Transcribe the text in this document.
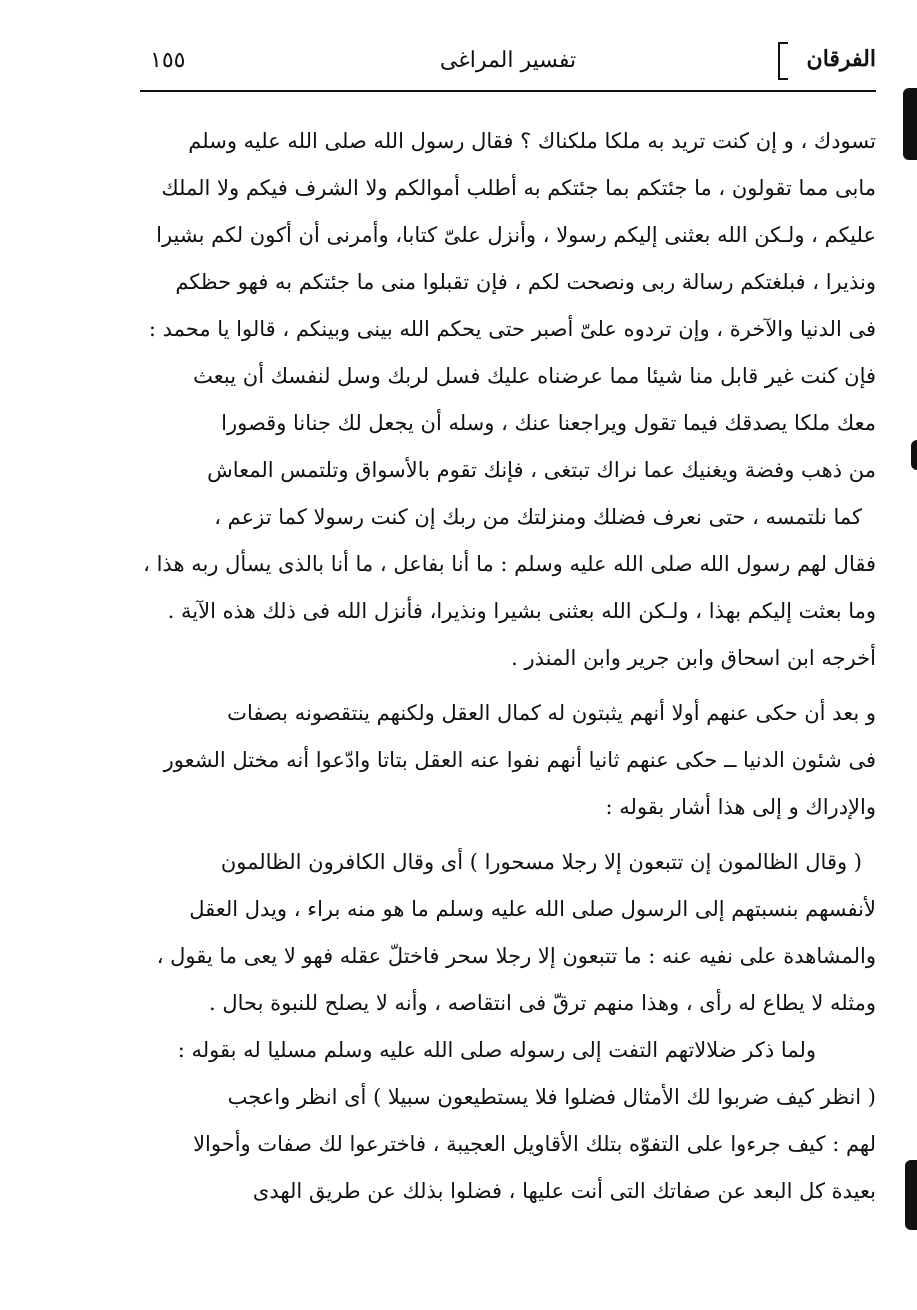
الفرقان
تفسير المراغى
١٥٥
تسودك ، و إن كنت تريد به ملكا ملكناك ؟ فقال رسول الله صلى الله عليه وسلم
مابى مما تقولون ، ما جئتكم بما جئتكم به أطلب أموالكم ولا الشرف فيكم ولا الملك
عليكم ، ولـكن الله بعثنى إليكم رسولا ، وأنزل علىّ كتابا، وأمرنى أن أكون لكم بشيرا
ونذيرا ، فبلغتكم رسالة ربى ونصحت لكم ، فإن تقبلوا منى ما جئتكم به فهو حظكم
فى الدنيا والآخرة ، وإن تردوه علىّ أصبر حتى يحكم الله بينى وبينكم ، قالوا يا محمد :
فإن كنت غير قابل منا شيئا مما عرضناه عليك فسل لربك وسل لنفسك أن يبعث
معك ملكا يصدقك فيما تقول ويراجعنا عنك ، وسله أن يجعل لك جنانا وقصورا
من ذهب وفضة ويغنيك عما نراك تبتغى ، فإنك تقوم بالأسواق وتلتمس المعاش
كما نلتمسه ، حتى نعرف فضلك ومنزلتك من ربك إن كنت رسولا كما تزعم ،
فقال لهم رسول الله صلى الله عليه وسلم : ما أنا بفاعل ، ما أنا بالذى يسأل ربه هذا ،
وما بعثت إليكم بهذا ، ولـكن الله بعثنى بشيرا ونذيرا، فأنزل الله فى ذلك هذه الآية .
أخرجه ابن اسحاق وابن جرير وابن المنذر .
و بعد أن حكى عنهم أولا أنهم يثبتون له كمال العقل ولكنهم ينتقصونه بصفات
فى شئون الدنيا ــ حكى عنهم ثانيا أنهم نفوا عنه العقل بتاتا وادّعوا أنه مختل الشعور
والإدراك و إلى هذا أشار بقوله :
( وقال الظالمون إن تتبعون إلا رجلا مسحورا ) أى وقال الكافرون الظالمون
لأنفسهم بنسبتهم إلى الرسول صلى الله عليه وسلم ما هو منه براء ، ويدل العقل
والمشاهدة على نفيه عنه : ما تتبعون إلا رجلا سحر فاختلّ عقله فهو لا يعى ما يقول ،
ومثله لا يطاع له رأى ، وهذا منهم ترقّ فى انتقاصه ، وأنه لا يصلح للنبوة بحال .
ولما ذكر ضلالاتهم التفت إلى رسوله صلى الله عليه وسلم مسليا له بقوله :
( انظر كيف ضربوا لك الأمثال فضلوا فلا يستطيعون سبيلا ) أى انظر واعجب
لهم : كيف جرءوا على التفوّه بتلك الأقاويل العجيبة ، فاخترعوا لك صفات وأحوالا
بعيدة كل البعد عن صفاتك التى أنت عليها ، فضلوا بذلك عن طريق الهدى
